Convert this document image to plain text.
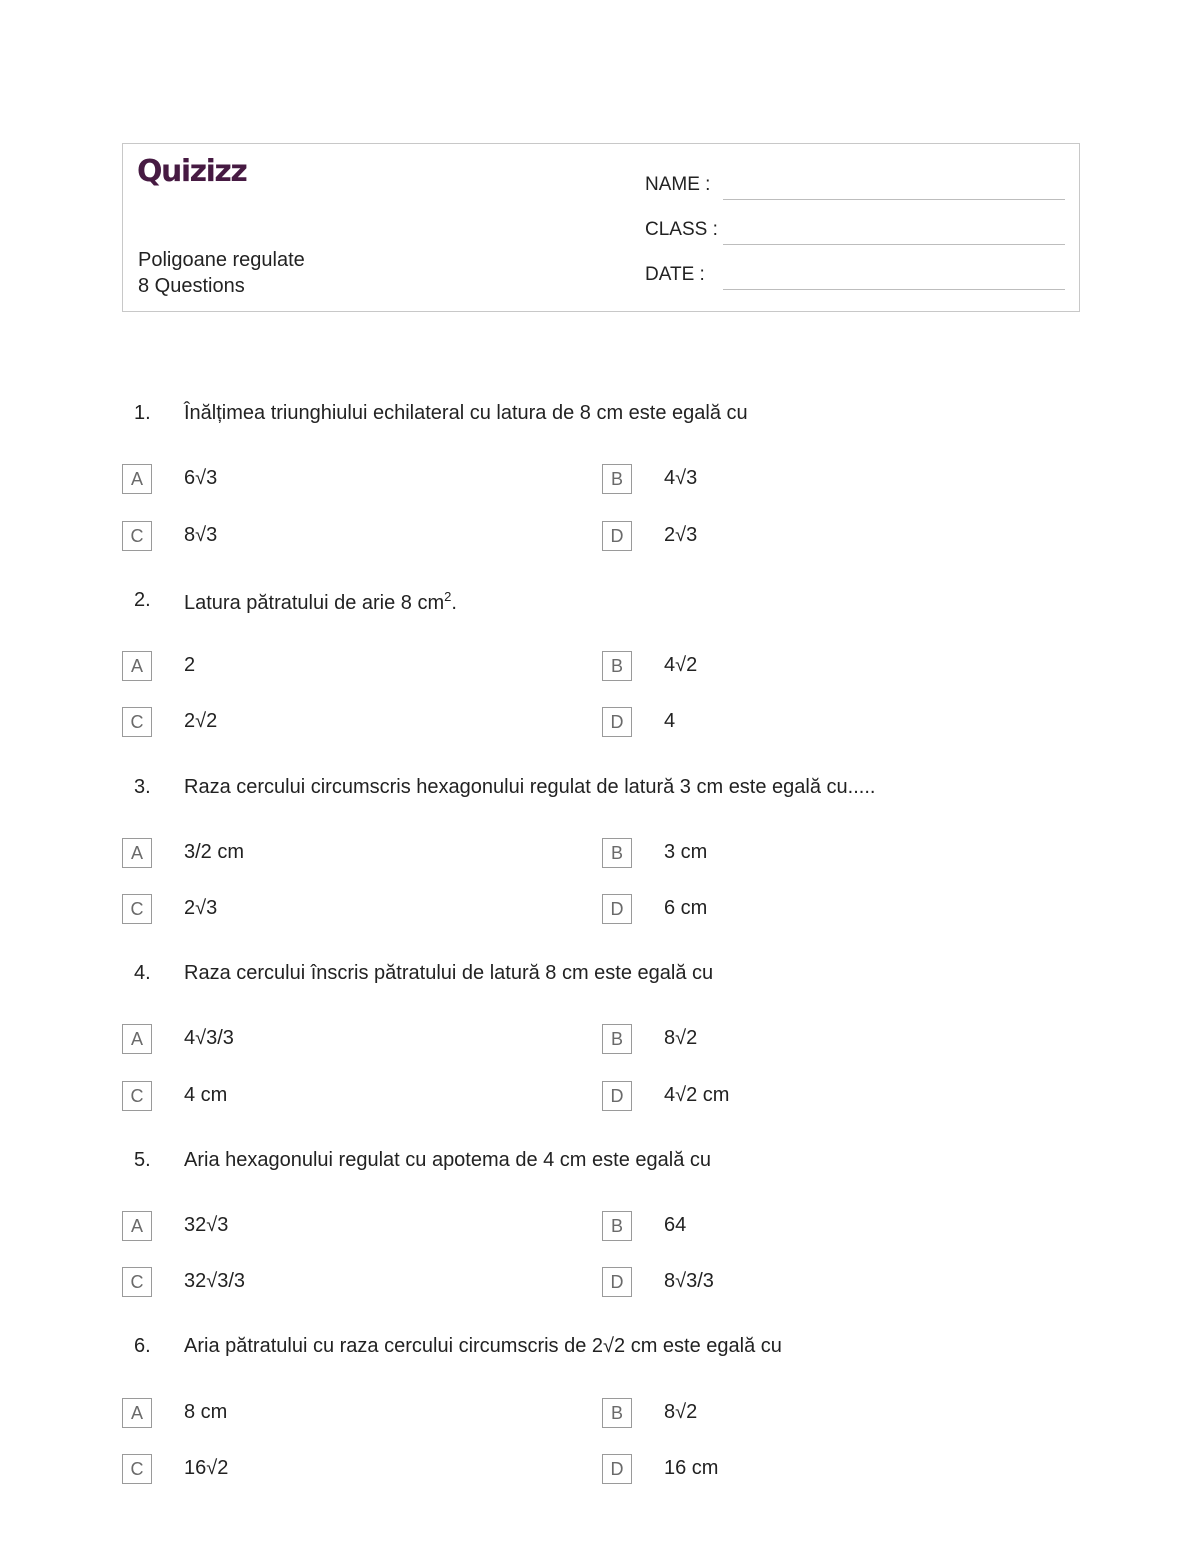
Quizizz
Poligoane regulate
8 Questions
NAME :
CLASS :
DATE :
1. Înălțimea triunghiului echilateral cu latura de 8 cm este egală cu
A	6√3	B	4√3
C	8√3	D	2√3
2. Latura pătratului de arie 8 $cm^2$.
A	2	B	4√2
C	2√2	D	4
3. Raza cercului circumscris hexagonului regulat de latură 3 cm este egală cu.....
A	3/2 cm	B	3 cm
C	2√3	D	6 cm
4. Raza cercului înscris pătratului de latură 8 cm este egală cu
A	4√3/3	B	8√2
C	4 cm	D	4√2 cm
5. Aria hexagonului regulat cu apotema de 4 cm este egală cu
A	32√3	B	64
C	32√3/3	D	8√3/3
6. Aria pătratului cu raza cercului circumscris de 2√2 cm este egală cu
A	8 cm	B	8√2
C	16√2	D	16 cm
